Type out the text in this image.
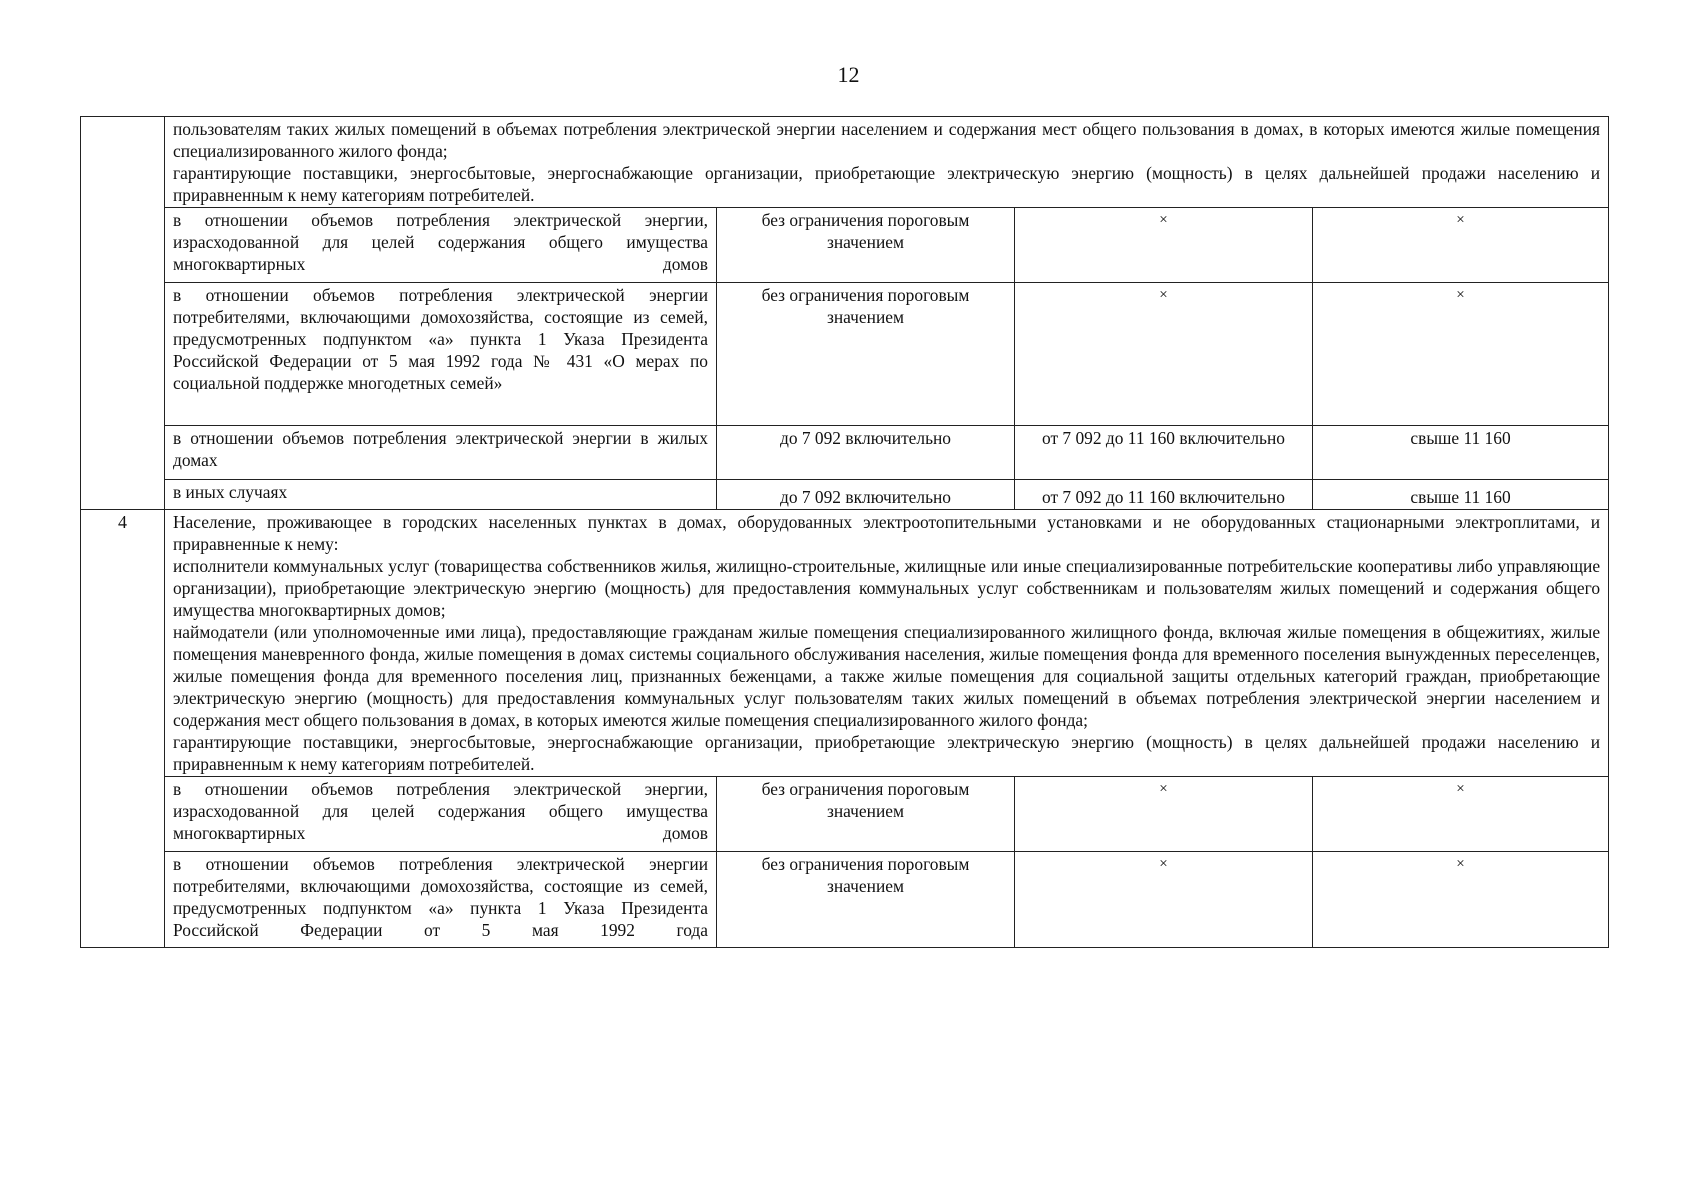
12

	пользователям таких жилых помещений в объемах потребления электрической энергии населением и содержания мест общего пользования в домах, в которых имеются жилые помещения специализированного жилого фонда;

гарантирующие поставщики, энергосбытовые, энергоснабжающие организации, приобретающие электрическую энергию (мощность) в целях дальнейшей продажи населению и приравненным к нему категориям потребителей.			

	в отношении объемов потребления электрической энергии, израсходованной для целей содержания общего имущества многоквартирных домов	без ограничения пороговым значением	×	×
	в отношении объемов потребления электрической энергии потребителями, включающими домохозяйства, состоящие из семей, предусмотренных подпунктом «а» пункта 1 Указа Президента Российской Федерации от 5 мая 1992 года № 431 «О мерах по социальной поддержке многодетных семей»	без ограничения пороговым значением	×	×
	в отношении объемов потребления электрической энергии в жилых домах	до 7 092 включительно	от 7 092 до 11 160 включительно	свыше 11 160
	в иных случаях	до 7 092 включительно	от 7 092 до 11 160 включительно	свыше 11 160
4	Население, проживающее в городских населенных пунктах в домах, оборудованных электроотопительными установками и не оборудованных стационарными электроплитами, и приравненные к нему:

исполнители коммунальных услуг (товарищества собственников жилья, жилищно-строительные, жилищные или иные специализированные потребительские кооперативы либо управляющие организации), приобретающие электрическую энергию (мощность) для предоставления коммунальных услуг собственникам и пользователям жилых помещений и содержания общего имущества многоквартирных домов;

наймодатели (или уполномоченные ими лица), предоставляющие гражданам жилые помещения специализированного жилищного фонда, включая жилые помещения в общежитиях, жилые помещения маневренного фонда, жилые помещения в домах системы социального обслуживания населения, жилые помещения фонда для временного поселения вынужденных переселенцев, жилые помещения фонда для временного поселения лиц, признанных беженцами, а также жилые помещения для социальной защиты отдельных категорий граждан, приобретающие электрическую энергию (мощность) для предоставления коммунальных услуг пользователям таких жилых помещений в объемах потребления электрической энергии населением и содержания мест общего пользования в домах, в которых имеются жилые помещения специализированного жилого фонда;

гарантирующие поставщики, энергосбытовые, энергоснабжающие организации, приобретающие электрическую энергию (мощность) в целях дальнейшей продажи населению и приравненным к нему категориям потребителей.			

	в отношении объемов потребления электрической энергии, израсходованной для целей содержания общего имущества многоквартирных домов	без ограничения пороговым значением	×	×
	в отношении объемов потребления электрической энергии потребителями, включающими домохозяйства, состоящие из семей, предусмотренных подпунктом «а» пункта 1 Указа Президента Российской Федерации от 5 мая 1992 года	без ограничения пороговым значением	×	×
